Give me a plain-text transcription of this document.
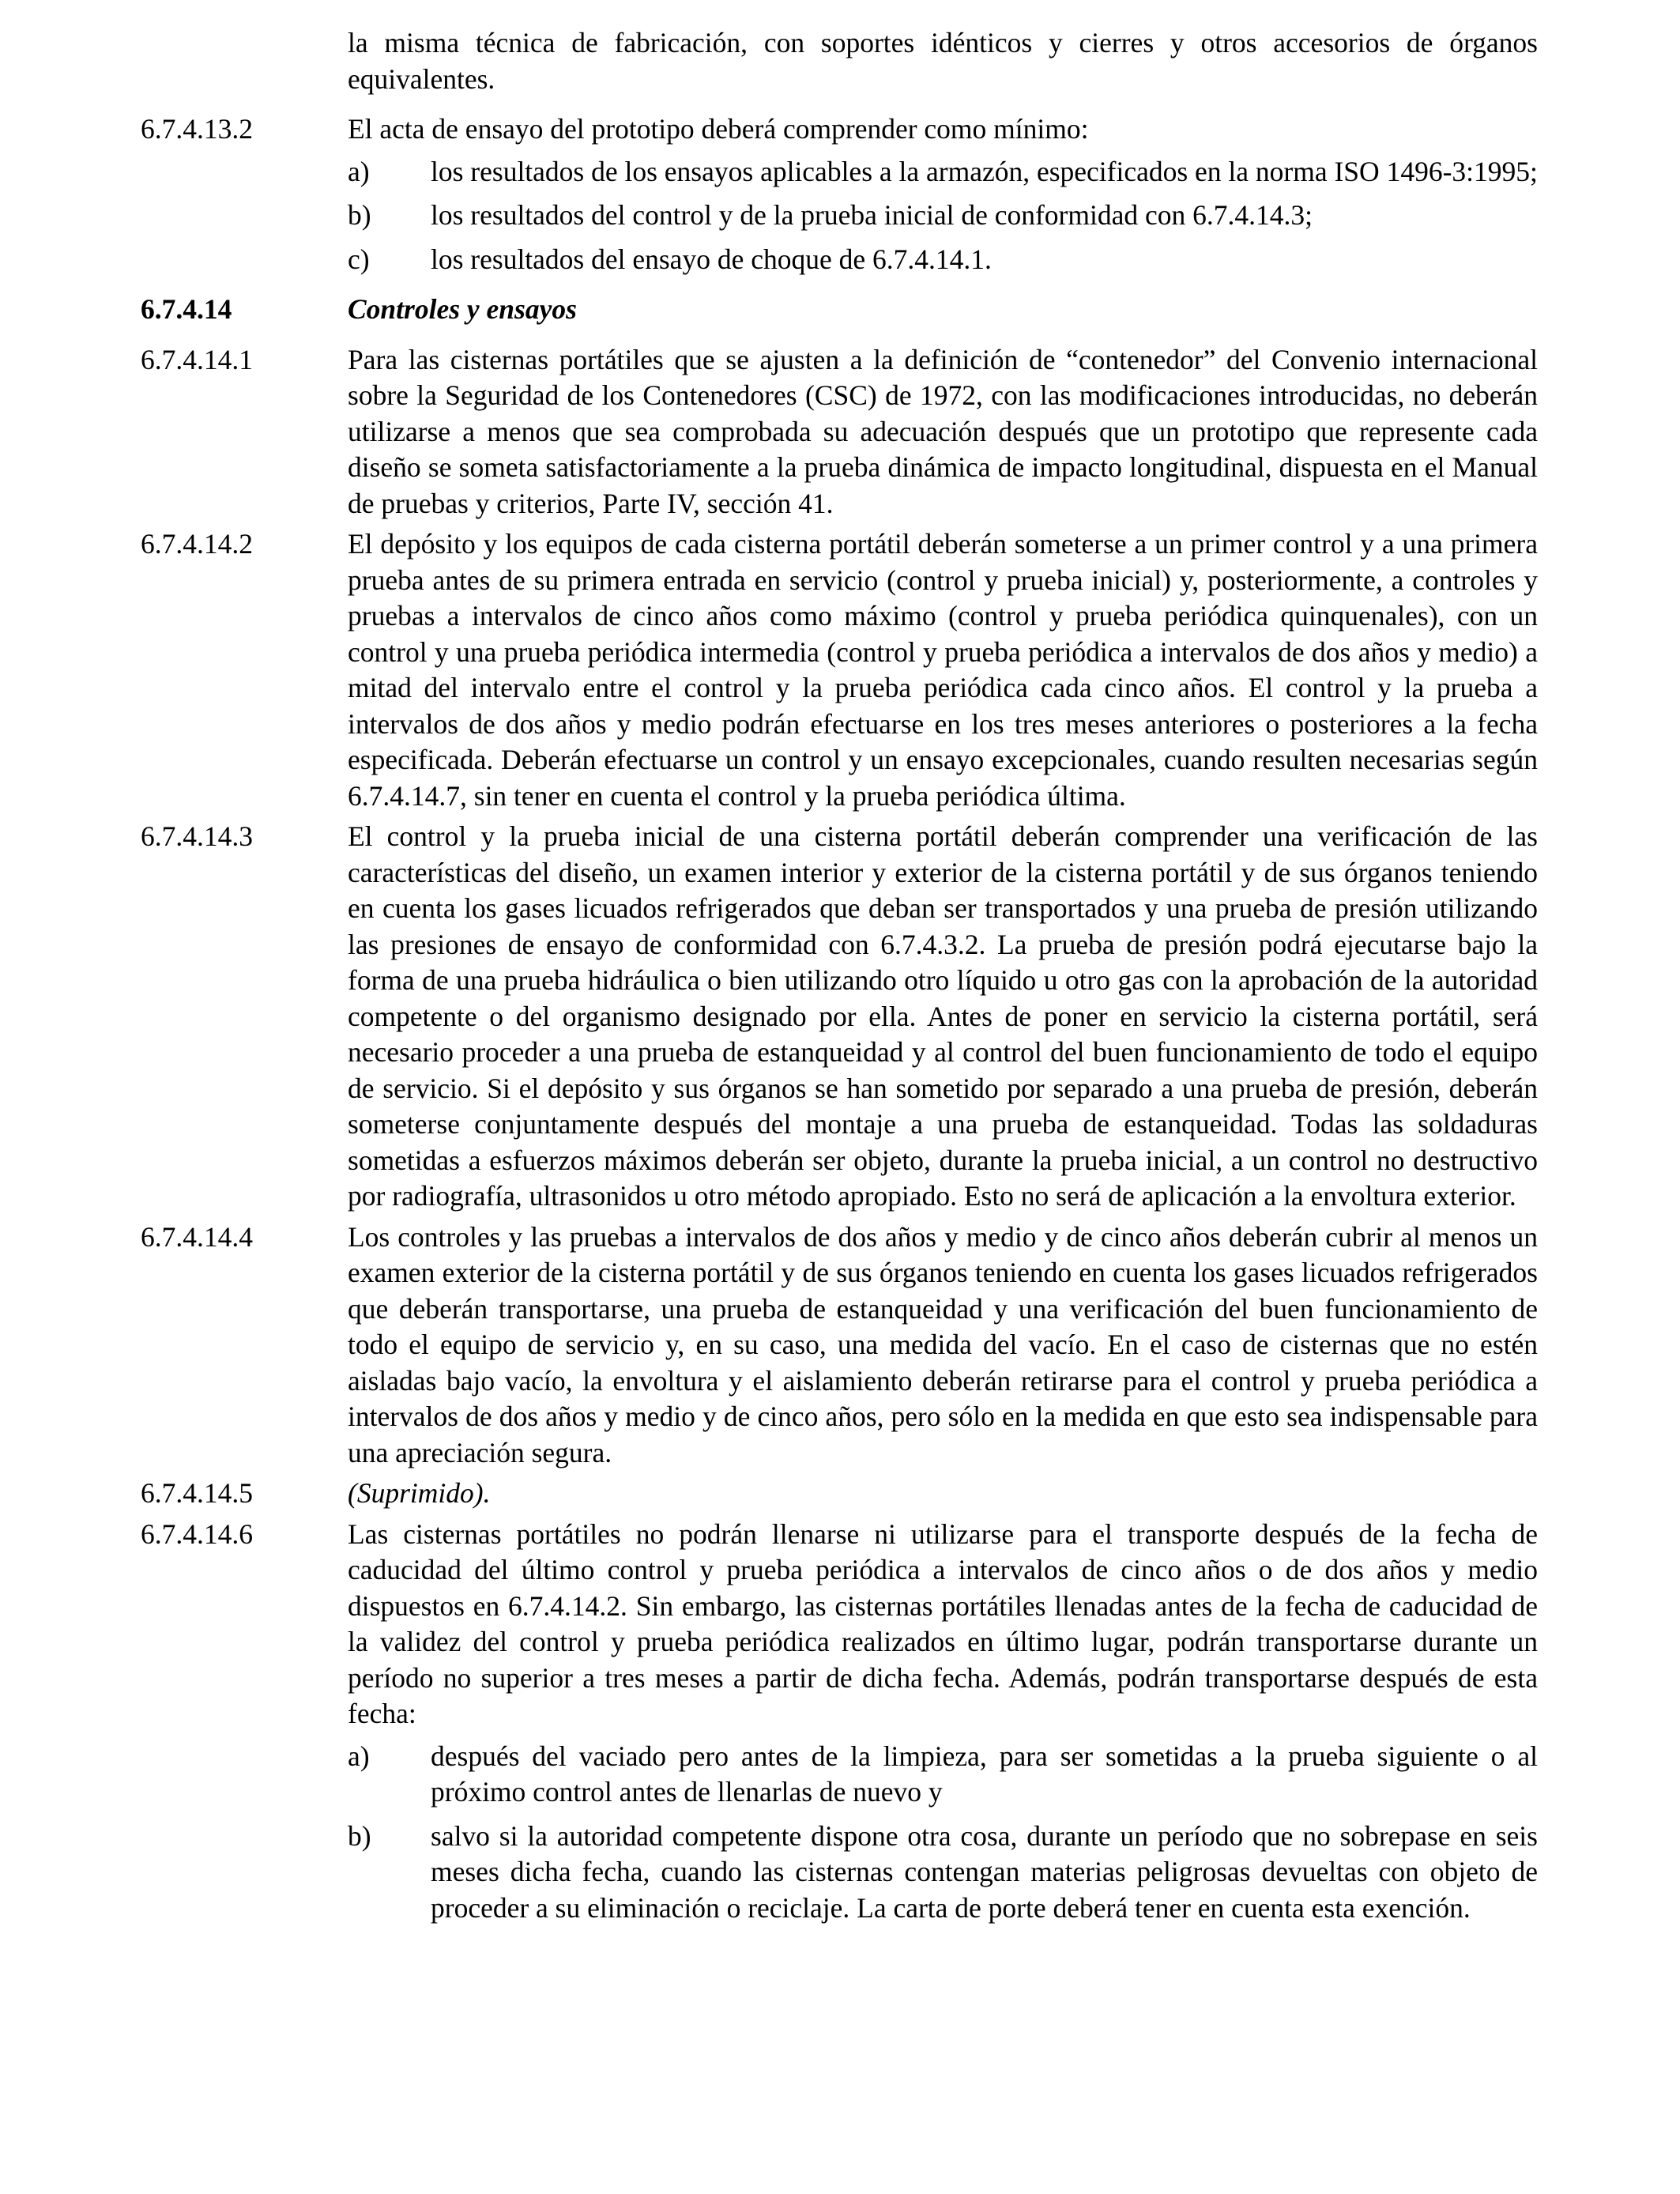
la misma técnica de fabricación, con soportes idénticos y cierres y otros accesorios de órganos equivalentes.

6.7.4.13.2	El acta de ensayo del prototipo deberá comprender como mínimo:

a)	los resultados de los ensayos aplicables a la armazón, especificados en la norma ISO 1496-3:1995;
b)	los resultados del control y de la prueba inicial de conformidad con 6.7.4.14.3;
c)	los resultados del ensayo de choque de 6.7.4.14.1.
6.7.4.14	Controles y ensayos
6.7.4.14.1	Para las cisternas portátiles que se ajusten a la definición de “contenedor” del Convenio internacional sobre la Seguridad de los Contenedores (CSC) de 1972, con las modificaciones introducidas, no deberán utilizarse a menos que sea comprobada su adecuación después que un prototipo que represente cada diseño se someta satisfactoriamente a la prueba dinámica de impacto longitudinal, dispuesta en el Manual de pruebas y criterios, Parte IV, sección 41.

6.7.4.14.2	El depósito y los equipos de cada cisterna portátil deberán someterse a un primer control y a una primera prueba antes de su primera entrada en servicio (control y prueba inicial) y, posteriormente, a controles y pruebas a intervalos de cinco años como máximo (control y prueba periódica quinquenales), con un control y una prueba periódica intermedia (control y prueba periódica a intervalos de dos años y medio) a mitad del intervalo entre el control y la prueba periódica cada cinco años. El control y la prueba a intervalos de dos años y medio podrán efectuarse en los tres meses anteriores o posteriores a la fecha especificada. Deberán efectuarse un control y un ensayo excepcionales, cuando resulten necesarias según 6.7.4.14.7, sin tener en cuenta el control y la prueba periódica última.

6.7.4.14.3	El control y la prueba inicial de una cisterna portátil deberán comprender una verificación de las características del diseño, un examen interior y exterior de la cisterna portátil y de sus órganos teniendo en cuenta los gases licuados refrigerados que deban ser transportados y una prueba de presión utilizando las presiones de ensayo de conformidad con 6.7.4.3.2. La prueba de presión podrá ejecutarse bajo la forma de una prueba hidráulica o bien utilizando otro líquido u otro gas con la aprobación de la autoridad competente o del organismo designado por ella. Antes de poner en servicio la cisterna portátil, será necesario proceder a una prueba de estanqueidad y al control del buen funcionamiento de todo el equipo de servicio. Si el depósito y sus órganos se han sometido por separado a una prueba de presión, deberán someterse conjuntamente después del montaje a una prueba de estanqueidad. Todas las soldaduras sometidas a esfuerzos máximos deberán ser objeto, durante la prueba inicial, a un control no destructivo por radiografía, ultrasonidos u otro método apropiado. Esto no será de aplicación a la envoltura exterior.

6.7.4.14.4	Los controles y las pruebas a intervalos de dos años y medio y de cinco años deberán cubrir al menos un examen exterior de la cisterna portátil y de sus órganos teniendo en cuenta los gases licuados refrigerados que deberán transportarse, una prueba de estanqueidad y una verificación del buen funcionamiento de todo el equipo de servicio y, en su caso, una medida del vacío. En el caso de cisternas que no estén aisladas bajo vacío, la envoltura y el aislamiento deberán retirarse para el control y prueba periódica a intervalos de dos años y medio y de cinco años, pero sólo en la medida en que esto sea indispensable para una apreciación segura.

6.7.4.14.5	(Suprimido).

6.7.4.14.6	Las cisternas portátiles no podrán llenarse ni utilizarse para el transporte después de la fecha de caducidad del último control y prueba periódica a intervalos de cinco años o de dos años y medio dispuestos en 6.7.4.14.2. Sin embargo, las cisternas portátiles llenadas antes de la fecha de caducidad de la validez del control y prueba periódica realizados en último lugar, podrán transportarse durante un período no superior a tres meses a partir de dicha fecha. Además, podrán transportarse después de esta fecha:

a)	después del vaciado pero antes de la limpieza, para ser sometidas a la prueba siguiente o al próximo control antes de llenarlas de nuevo y
b)	salvo si la autoridad competente dispone otra cosa, durante un período que no sobrepase en seis meses dicha fecha, cuando las cisternas contengan materias peligrosas devueltas con objeto de proceder a su eliminación o reciclaje. La carta de porte deberá tener en cuenta esta exención.
